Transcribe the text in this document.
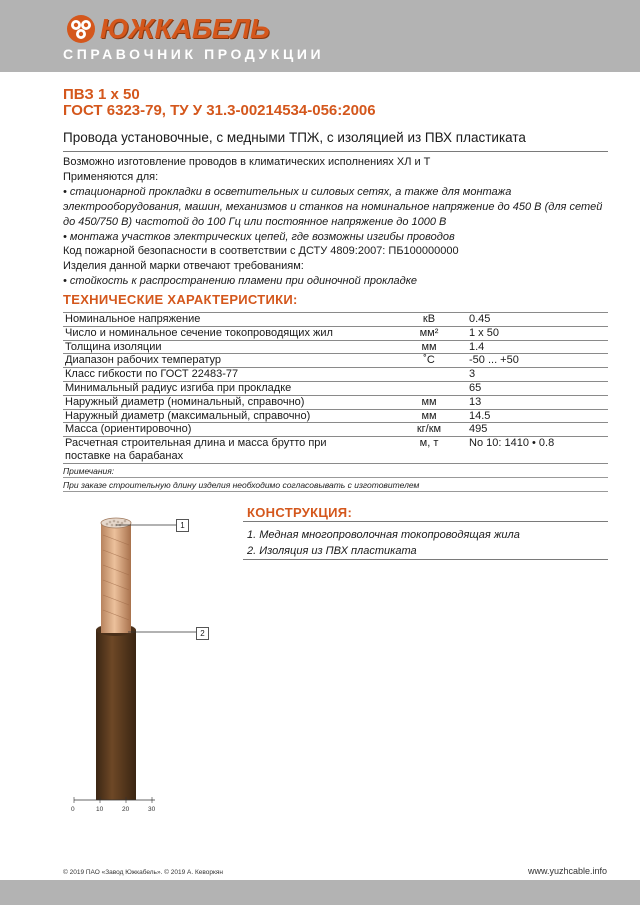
ЮЖКАБЕЛЬ
СПРАВОЧНИК ПРОДУКЦИИ
ПВЗ 1 x 50
ГОСТ 6323-79, ТУ У 31.3-00214534-056:2006
Провода установочные, с медными ТПЖ, с изоляцией из ПВХ пластиката
Возможно изготовление проводов в климатических исполнениях ХЛ и Т
Применяются для:
• стационарной прокладки в осветительных и силовых сетях, а также для монтажа
электрооборудования, машин, механизмов и станков на номинальное напряжение до 450 В (для сетей
до 450/750 В) частотой до 100 Гц или постоянное напряжение до 1000 В
• монтажа участков электрических цепей, где возможны изгибы проводов
Код пожарной безопасности в соответствии с ДСТУ 4809:2007: ПБ100000000
Изделия данной марки отвечают требованиям:
• стойкость к распространению пламени при одиночной прокладке
ТЕХНИЧЕСКИЕ ХАРАКТЕРИСТИКИ:
Номинальное напряжение	кВ	0.45
Число и номинальное сечение токопроводящих жил	мм²	1 x 50
Толщина изоляции	мм	1.4
Диапазон рабочих температур	˚С	-50 ... +50
Класс гибкости по ГОСТ 22483-77		3
Минимальный радиус изгиба при прокладке		65
Наружный диаметр (номинальный, справочно)	мм	13
Наружный диаметр (максимальный, справочно)	мм	14.5
Масса (ориентировочно)	кг/км	495

Расчетная строительная длина и масса брутто при
поставке на барабанах	м, т	No 10: 1410 • 0.8
Примечания:
При заказе строительную длину изделия необходимо согласовывать с изготовителем
КОНСТРУКЦИЯ:
1. Медная многопроволочная токопроводящая жила
2. Изоляция из ПВХ пластиката
1
2
0	10	20	30
© 2019 ПАО «Завод Южкабель». © 2019 А. Кеворкян	www.yuzhcable.info
